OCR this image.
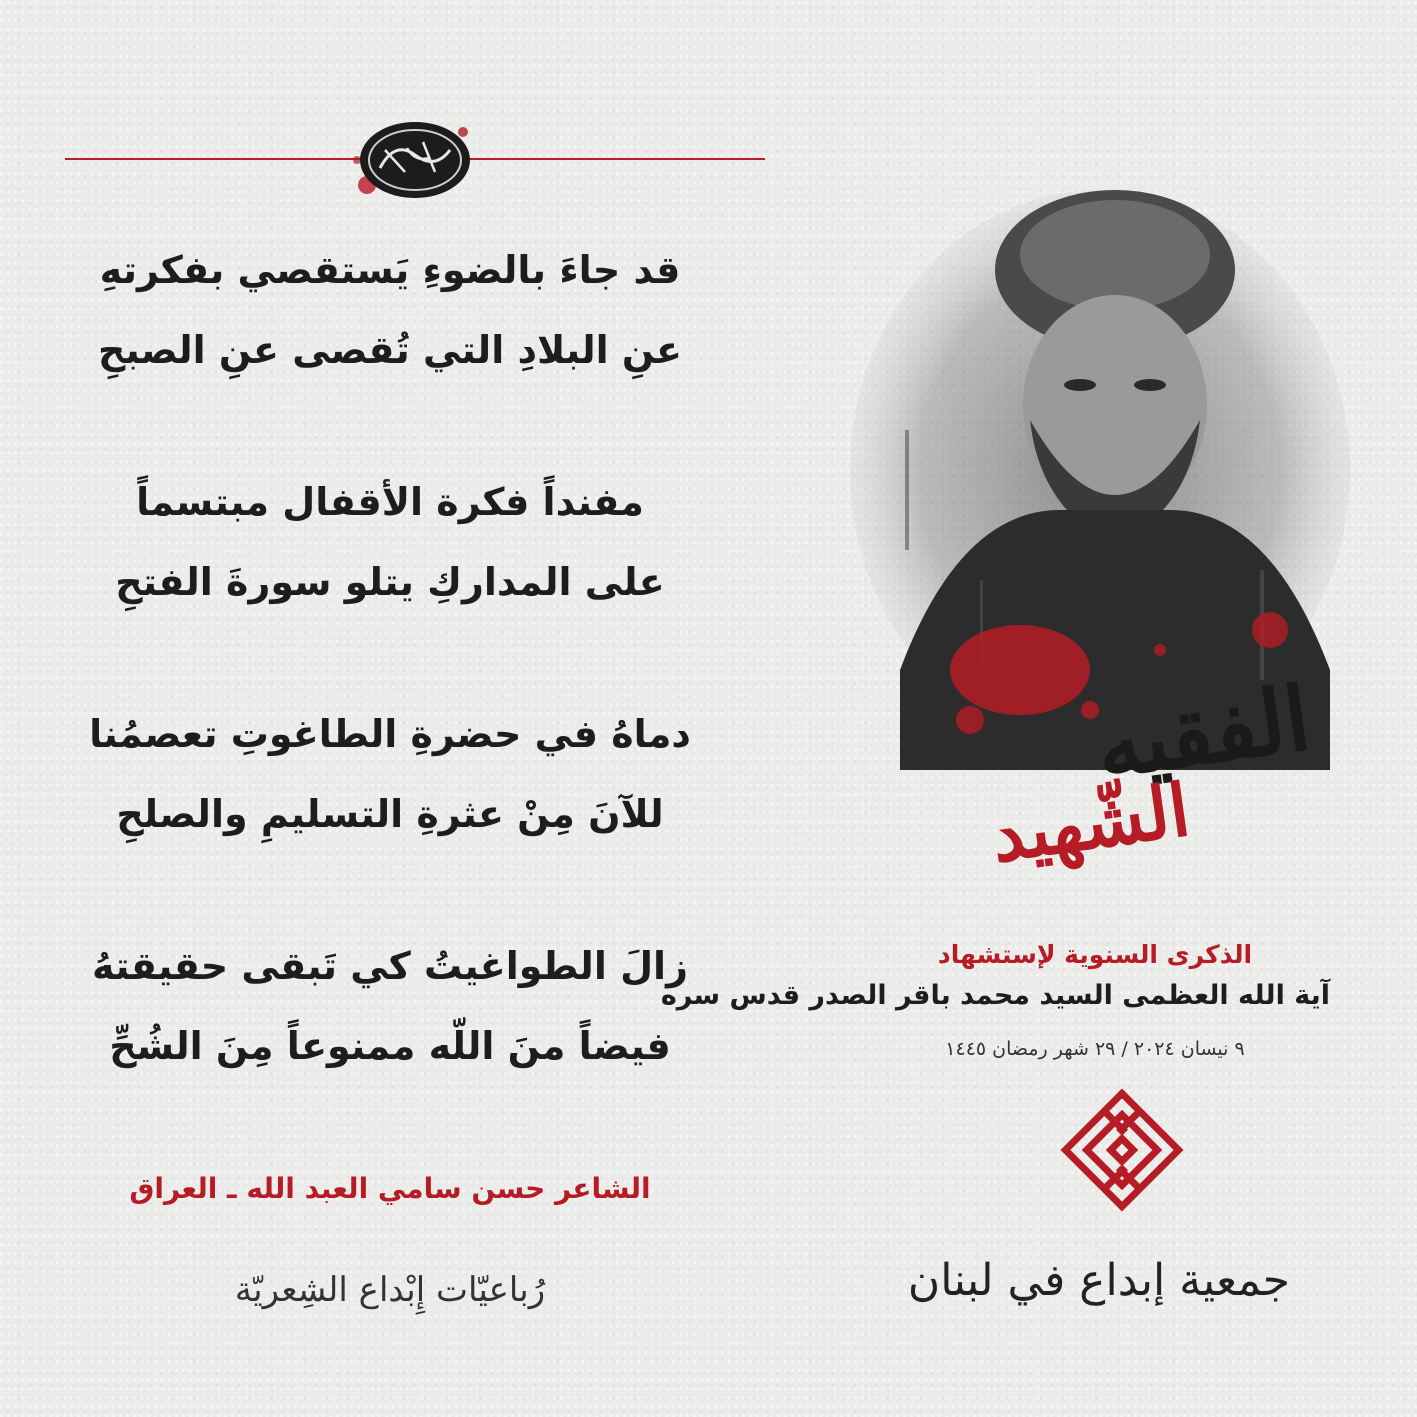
قد جاءَ بالضوءِ يَستقصي بفكرتهِ
عنِ البلادِ التي تُقصى عنِ الصبحِ
مفنداً فكرة الأقفال مبتسماً
على المداركِ يتلو سورةَ الفتحِ
دماهُ في حضرةِ الطاغوتِ تعصمُنا
للآنَ مِنْ عثرةِ التسليمِ والصلحِ
زالَ الطواغيتُ كي تَبقى حقيقتهُ
فيضاً منَ اللّه ممنوعاً مِنَ الشُحِّ
الشاعر حسن سامي العبد الله ـ العراق
رُباعيّات إِبْداع الشِعريّة
الفقيه
الشّهيد
الذكرى السنوية لإستشهاد
آية الله العظمى السيد محمد باقر الصدر قدس سره
٩ نيسان ٢٠٢٤ / ٢٩ شهر رمضان ١٤٤٥
جمعية إبداع في لبنان
